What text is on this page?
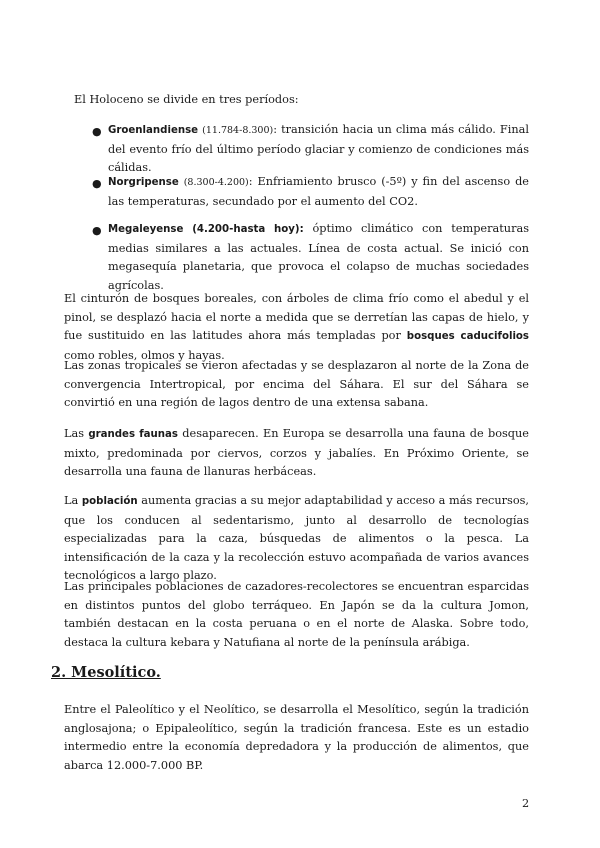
El Holoceno se divide en tres períodos:

● Groenlandiense (11.784-8.300): transición hacia un clima más cálido. Final del evento frío del último período glaciar y comienzo de condiciones más cálidas.

● Norgripense (8.300-4.200): Enfriamiento brusco (-5º) y fin del ascenso de las temperaturas, secundado por el aumento del CO2.

● Megaleyense (4.200-hasta hoy): óptimo climático con temperaturas medias similares a las actuales. Línea de costa actual. Se inició con megasequía planetaria, que provoca el colapso de muchas sociedades agrícolas.

El cinturón de bosques boreales, con árboles de clima frío como el abedul y el pinol, se desplazó hacia el norte a medida que se derretían las capas de hielo, y fue sustituido en las latitudes ahora más templadas por bosques caducifolios como robles, olmos y hayas.

Las zonas tropicales se vieron afectadas y se desplazaron al norte de la Zona de convergencia Intertropical, por encima del Sáhara. El sur del Sáhara se convirtió en una región de lagos dentro de una extensa sabana.

Las grandes faunas desaparecen. En Europa se desarrolla una fauna de bosque mixto, predominada por ciervos, corzos y jabalíes. En Próximo Oriente, se desarrolla una fauna de llanuras herbáceas.

La población aumenta gracias a su mejor adaptabilidad y acceso a más recursos, que los conducen al sedentarismo, junto al desarrollo de tecnologías especializadas para la caza, búsquedas de alimentos o la pesca. La intensificación de la caza y la recolección estuvo acompañada de varios avances tecnológicos a largo plazo.

Las principales poblaciones de cazadores-recolectores se encuentran esparcidas en distintos puntos del globo terráqueo. En Japón se da la cultura Jomon, también destacan en la costa peruana o en el norte de Alaska. Sobre todo, destaca la cultura kebara y Natufiana al norte de la península arábiga.

2. Mesolítico.

Entre el Paleolítico y el Neolítico, se desarrolla el Mesolítico, según la tradición anglosajona; o Epipaleolítico, según la tradición francesa. Este es un estadio intermedio entre la economía depredadora y la producción de alimentos, que abarca 12.000-7.000 BP.

2
